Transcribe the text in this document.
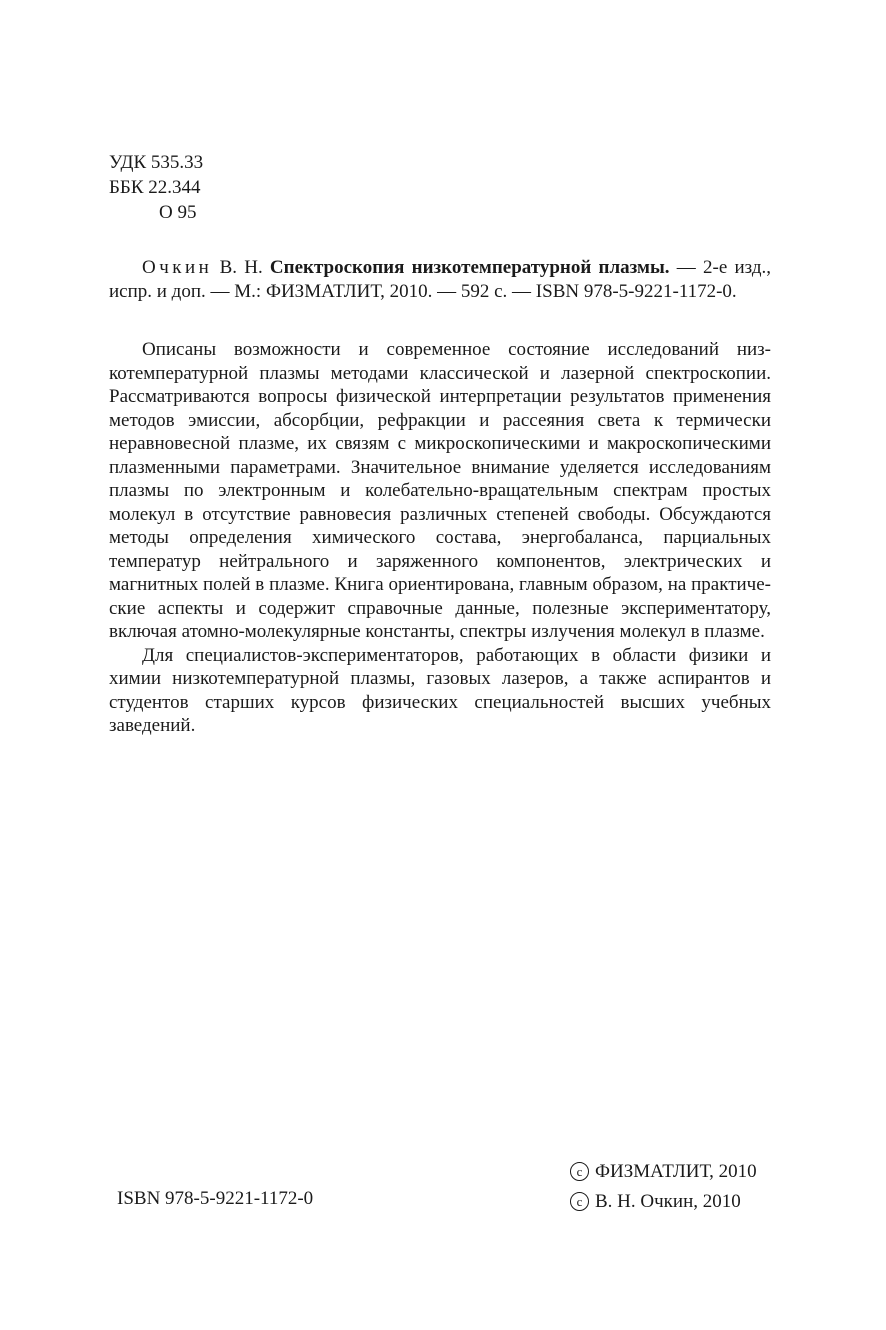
УДК 535.33
ББК 22.344
О 95

Очкин В. Н. Спектроскопия низкотемпературной плазмы. — 2-е изд., испр. и доп. — М.: ФИЗМАТЛИТ, 2010. — 592 с. — ISBN 978-5-9221-1172-0.

Описаны возможности и современное состояние исследований низкотемпературной плазмы методами классической и лазерной спектроскопии. Рассматриваются вопросы физической интерпретации результатов применения методов эмиссии, абсорбции, рефракции и рассеяния света к термически неравновесной плазме, их связям с микроскопическими и макроскопическими плазменными параметрами. Значительное внимание уделяется исследованиям плазмы по электронным и колебательно-вращательным спектрам простых молекул в отсутствие равновесия различных степеней свободы. Обсуждаются методы определения химического состава, энергобаланса, парциальных температур нейтрального и заряженного компонентов, электрических и магнитных полей в плазме. Книга ориентирована, главным образом, на практические аспекты и содержит справочные данные, полезные экспериментатору, включая атомно-молекулярные константы, спектры излучения молекул в плазме.

Для специалистов-экспериментаторов, работающих в области физики и химии низкотемпературной плазмы, газовых лазеров, а также аспирантов и студентов старших курсов физических специальностей высших учебных заведений.

ISBN 978-5-9221-1172-0
c ФИЗМАТЛИТ, 2010
c В. Н. Очкин, 2010
